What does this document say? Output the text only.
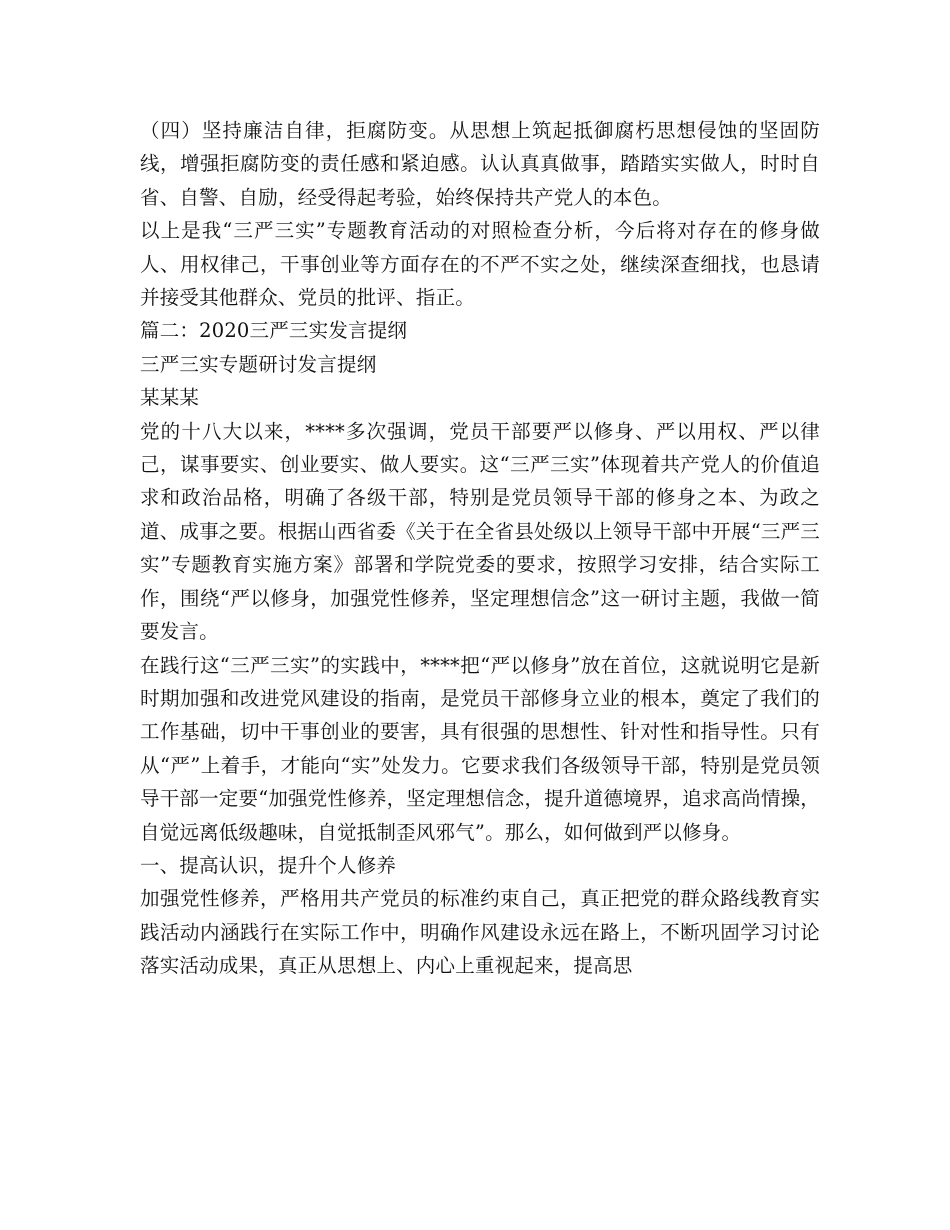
（四）坚持廉洁自律，拒腐防变。从思想上筑起抵御腐朽思想侵蚀的坚固防线，增强拒腐防变的责任感和紧迫感。认认真真做事，踏踏实实做人，时时自省、自警、自励，经受得起考验，始终保持共产党人的本色。

以上是我“三严三实”专题教育活动的对照检查分析，今后将对存在的修身做人、用权律己，干事创业等方面存在的不严不实之处，继续深查细找，也恳请并接受其他群众、党员的批评、指正。

篇二：2020三严三实发言提纲

三严三实专题研讨发言提纲

某某某

党的十八大以来，****多次强调，党员干部要严以修身、严以用权、严以律己，谋事要实、创业要实、做人要实。这“三严三实”体现着共产党人的价值追求和政治品格，明确了各级干部，特别是党员领导干部的修身之本、为政之道、成事之要。根据山西省委《关于在全省县处级以上领导干部中开展“三严三实”专题教育实施方案》部署和学院党委的要求，按照学习安排，结合实际工作，围绕“严以修身，加强党性修养，坚定理想信念”这一研讨主题，我做一简要发言。

在践行这“三严三实”的实践中，****把“严以修身”放在首位，这就说明它是新时期加强和改进党风建设的指南，是党员干部修身立业的根本，奠定了我们的工作基础，切中干事创业的要害，具有很强的思想性、针对性和指导性。只有从“严”上着手，才能向“实”处发力。它要求我们各级领导干部，特别是党员领导干部一定要“加强党性修养，坚定理想信念，提升道德境界，追求高尚情操，自觉远离低级趣味，自觉抵制歪风邪气”。那么，如何做到严以修身。

一、提高认识，提升个人修养

加强党性修养，严格用共产党员的标准约束自己，真正把党的群众路线教育实践活动内涵践行在实际工作中，明确作风建设永远在路上，不断巩固学习讨论落实活动成果，真正从思想上、内心上重视起来，提高思
